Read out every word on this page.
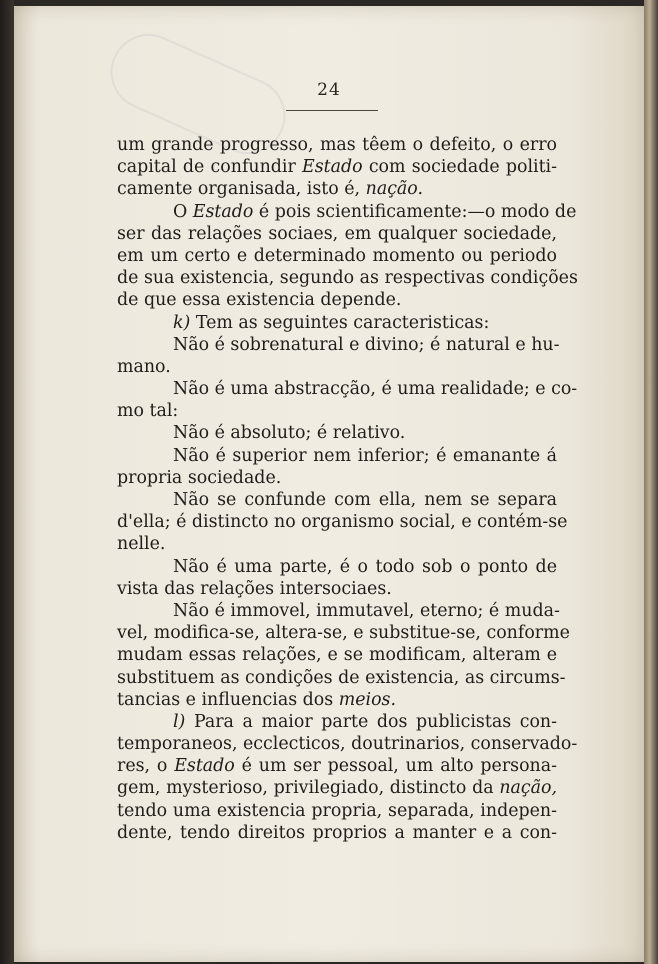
24
um grande progresso, mas têem o defeito, o erro
capital de confundir Estado com sociedade politi-
camente organisada, isto é, nação.
O Estado é pois scientificamente:—o modo de
ser das relações sociaes, em qualquer sociedade,
em um certo e determinado momento ou periodo
de sua existencia, segundo as respectivas condições
de que essa existencia depende.
k) Tem as seguintes caracteristicas:
Não é sobrenatural e divino; é natural e hu-
mano.
Não é uma abstracção, é uma realidade; e co-
mo tal:
Não é absoluto; é relativo.
Não é superior nem inferior; é emanante á
propria sociedade.
Não se confunde com ella, nem se separa
d'ella; é distincto no organismo social, e contém-se
nelle.
Não é uma parte, é o todo sob o ponto de
vista das relações intersociaes.
Não é immovel, immutavel, eterno; é muda-
vel, modifica-se, altera-se, e substitue-se, conforme
mudam essas relações, e se modificam, alteram e
substituem as condições de existencia, as circums-
tancias e influencias dos meios.
l) Para a maior parte dos publicistas con-
temporaneos, ecclecticos, doutrinarios, conservado-
res, o Estado é um ser pessoal, um alto persona-
gem, mysterioso, privilegiado, distincto da nação,
tendo uma existencia propria, separada, indepen-
dente, tendo direitos proprios a manter e a con-
